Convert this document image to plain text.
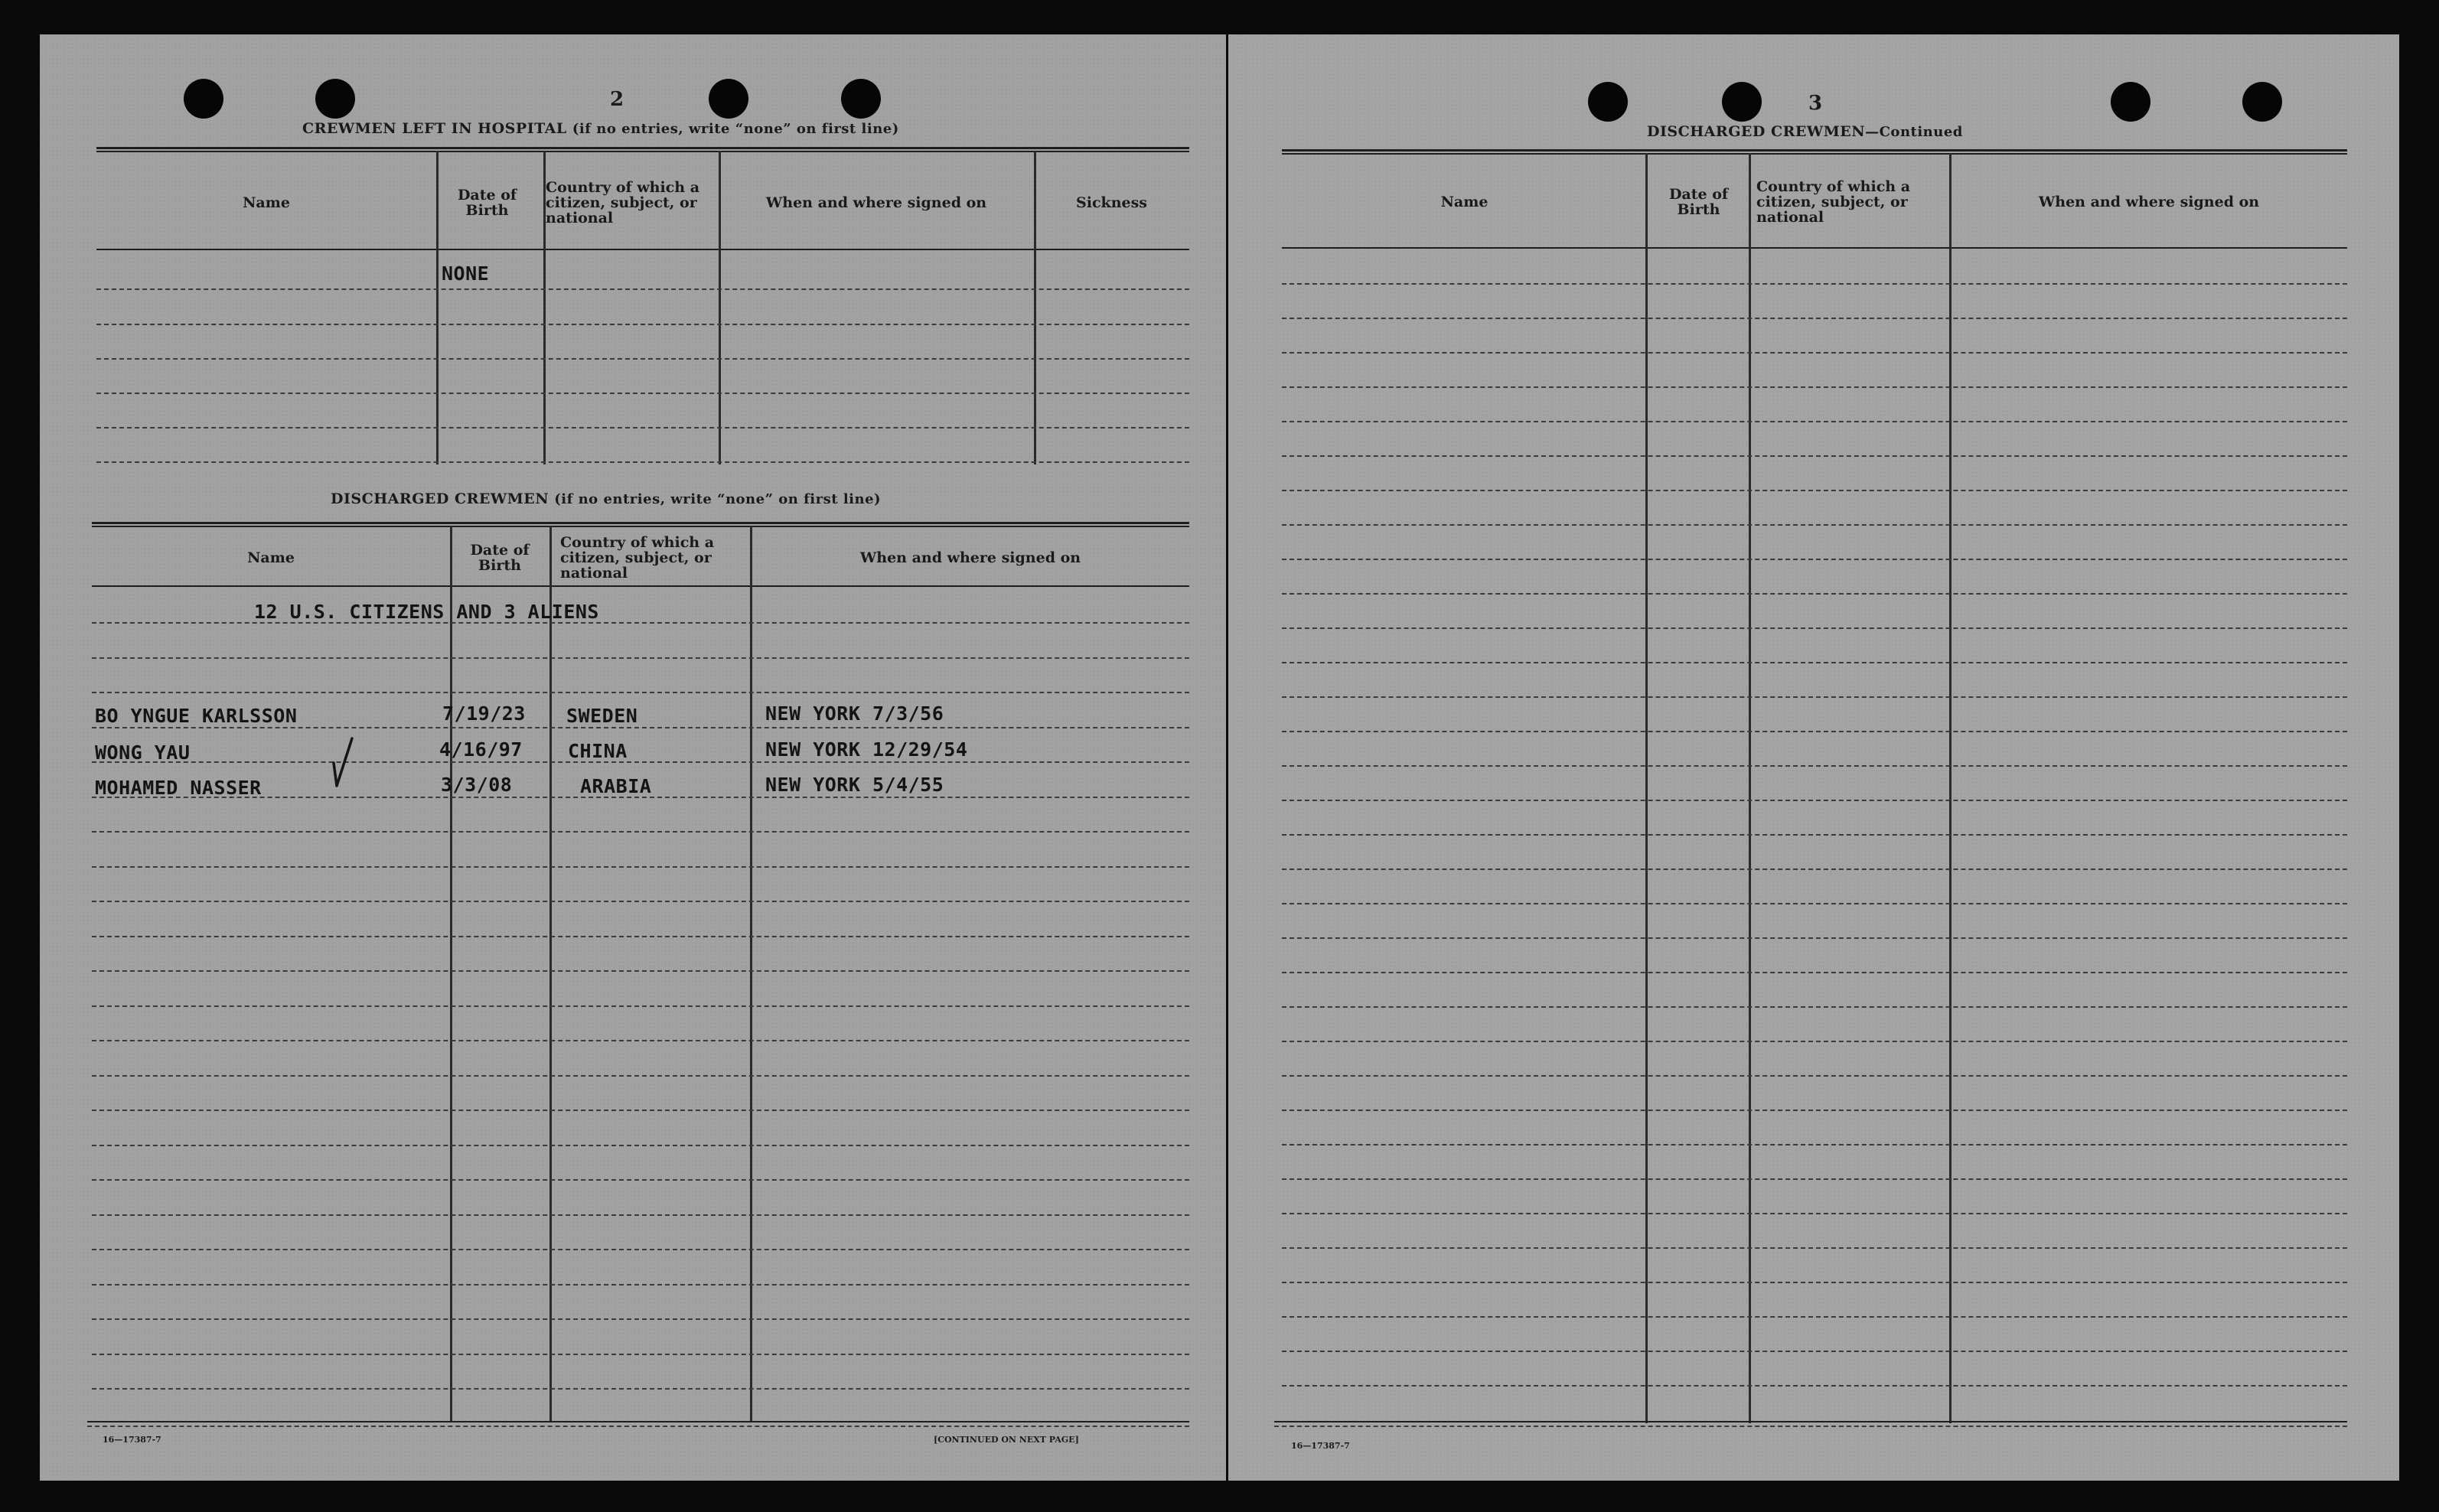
2
CREWMEN LEFT IN HOSPITAL (if no entries, write “none” on first line)
Name	Date of Birth
Country of which a citizen, subject, or national
When and where signed on	Sickness
NONE
DISCHARGED CREWMEN (if no entries, write “none” on first line)
Name	Date of Birth
Country of which a citizen, subject, or national
When and where signed on
12 U.S. CITIZENS AND 3 ALIENS
BO YNGUE KARLSSON	7/19/23 SWEDEN	NEW YORK 7/3/56
WONG YAU	4/16/97 CHINA	NEW YORK 12/29/54
MOHAMED NASSER	3/3/08	ARABIA	NEW YORK 5/4/55
16—17387-7	[CONTINUED ON NEXT PAGE]
3
DISCHARGED CREWMEN—Continued
Name	Date of Birth
Country of which a citizen, subject, or national
When and where signed on
16—17387-7
